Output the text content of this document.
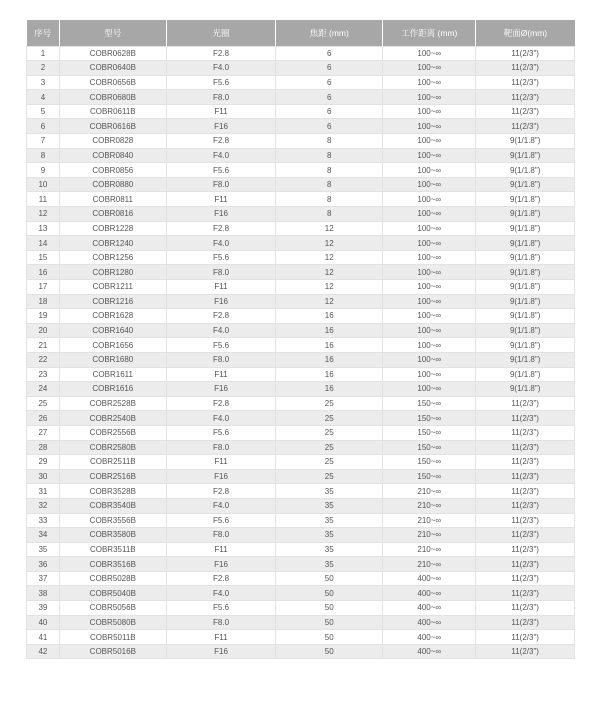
序号	型号	光圈	焦距 (mm)	工作距离 (mm)	靶面Ø(mm)
1	COBR0628B	F2.8	6	100~∞	11(2/3")
2	COBR0640B	F4.0	6	100~∞	11(2/3")
3	COBR0656B	F5.6	6	100~∞	11(2/3")
4	COBR0680B	F8.0	6	100~∞	11(2/3")
5	COBR0611B	F11	6	100~∞	11(2/3")
6	COBR0616B	F16	6	100~∞	11(2/3")
7	COBR0828	F2.8	8	100~∞	9(1/1.8")
8	COBR0840	F4.0	8	100~∞	9(1/1.8")
9	COBR0856	F5.6	8	100~∞	9(1/1.8")
10	COBR0880	F8.0	8	100~∞	9(1/1.8")
11	COBR0811	F11	8	100~∞	9(1/1.8")
12	COBR0816	F16	8	100~∞	9(1/1.8")
13	COBR1228	F2.8	12	100~∞	9(1/1.8")
14	COBR1240	F4.0	12	100~∞	9(1/1.8")
15	COBR1256	F5.6	12	100~∞	9(1/1.8")
16	COBR1280	F8.0	12	100~∞	9(1/1.8")
17	COBR1211	F11	12	100~∞	9(1/1.8")
18	COBR1216	F16	12	100~∞	9(1/1.8")
19	COBR1628	F2.8	16	100~∞	9(1/1.8")
20	COBR1640	F4.0	16	100~∞	9(1/1.8")
21	COBR1656	F5.6	16	100~∞	9(1/1.8")
22	COBR1680	F8.0	16	100~∞	9(1/1.8")
23	COBR1611	F11	16	100~∞	9(1/1.8")
24	COBR1616	F16	16	100~∞	9(1/1.8")
25	COBR2528B	F2.8	25	150~∞	11(2/3")
26	COBR2540B	F4.0	25	150~∞	11(2/3")
27	COBR2556B	F5.6	25	150~∞	11(2/3")
28	COBR2580B	F8.0	25	150~∞	11(2/3")
29	COBR2511B	F11	25	150~∞	11(2/3")
30	COBR2516B	F16	25	150~∞	11(2/3")
31	COBR3528B	F2.8	35	210~∞	11(2/3")
32	COBR3540B	F4.0	35	210~∞	11(2/3")
33	COBR3556B	F5.6	35	210~∞	11(2/3")
34	COBR3580B	F8.0	35	210~∞	11(2/3")
35	COBR3511B	F11	35	210~∞	11(2/3")
36	COBR3516B	F16	35	210~∞	11(2/3")
37	COBR5028B	F2.8	50	400~∞	11(2/3")
38	COBR5040B	F4.0	50	400~∞	11(2/3")
39	COBR5056B	F5.6	50	400~∞	11(2/3")
40	COBR5080B	F8.0	50	400~∞	11(2/3")
41	COBR5011B	F11	50	400~∞	11(2/3")
42	COBR5016B	F16	50	400~∞	11(2/3")
